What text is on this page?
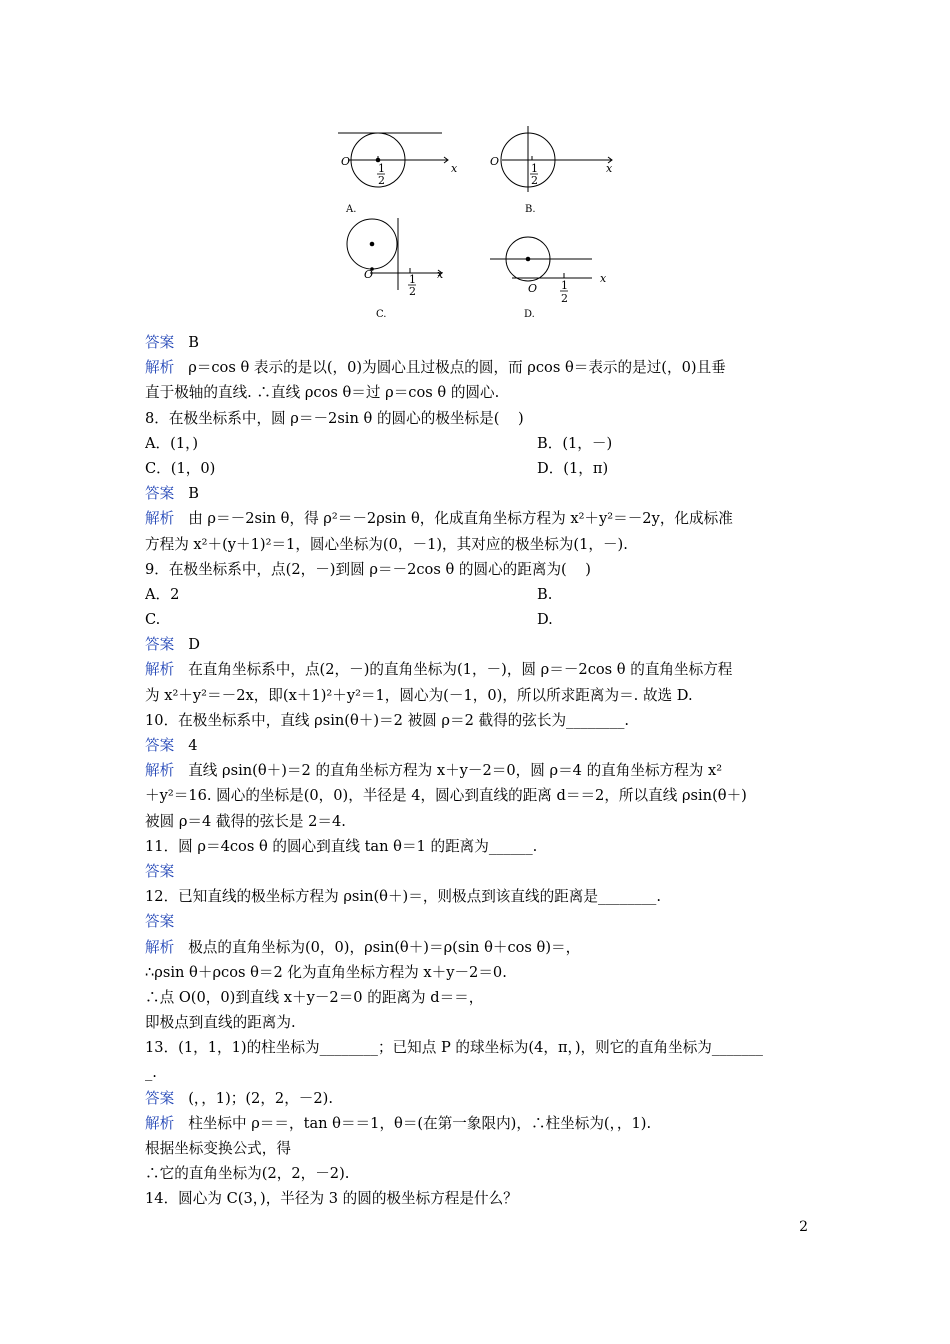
O
x
1
2
A.
O
x
1
2
B.
O	x
1
2
C.
O
x
1
2
D.
答案 B
解析 ρ＝cos θ 表示的是以(，0)为圆心且过极点的圆，而 ρcos θ＝表示的是过(，0)且垂
直于极轴的直线. ∴直线 ρcos θ＝过 ρ＝cos θ 的圆心.
8．在极坐标系中，圆 ρ＝－2sin θ 的圆心的极坐标是(    )
A．(1，)	B．(1，－)
C．(1，0)	D．(1，π)
答案 B
解析 由 ρ＝－2sin θ，得 ρ²＝－2ρsin θ，化成直角坐标方程为 x²＋y²＝－2y，化成标准
方程为 x²＋(y＋1)²＝1，圆心坐标为(0，－1)，其对应的极坐标为(1，－).
9．在极坐标系中，点(2，－)到圆 ρ＝－2cos θ 的圆心的距离为(    )
A．2	B.
C.	D.
答案 D
解析 在直角坐标系中，点(2，－)的直角坐标为(1，－)，圆 ρ＝－2cos θ 的直角坐标方程
为 x²＋y²＝－2x，即(x＋1)²＋y²＝1，圆心为(－1，0)，所以所求距离为＝. 故选 D.
10．在极坐标系中，直线 ρsin(θ＋)＝2 被圆 ρ＝2 截得的弦长为________.
答案 4
解析 直线 ρsin(θ＋)＝2 的直角坐标方程为 x＋y－2＝0，圆 ρ＝4 的直角坐标方程为 x²
＋y²＝16. 圆心的坐标是(0，0)，半径是 4，圆心到直线的距离 d＝＝2，所以直线 ρsin(θ＋)
被圆 ρ＝4 截得的弦长是 2＝4.
11．圆 ρ＝4cos θ 的圆心到直线 tan θ＝1 的距离为______.
答案
12．已知直线的极坐标方程为 ρsin(θ＋)＝，则极点到该直线的距离是________.
答案
解析 极点的直角坐标为(0，0)，ρsin(θ＋)＝ρ(sin θ＋cos θ)＝，
∴ρsin θ＋ρcos θ＝2 化为直角坐标方程为 x＋y－2＝0.
∴点 O(0，0)到直线 x＋y－2＝0 的距离为 d＝＝，
即极点到直线的距离为.
13．(1，1，1)的柱坐标为________；已知点 P 的球坐标为(4，π，)，则它的直角坐标为_______
_.
答案 (，，1)；(2，2，－2).
解析 柱坐标中 ρ＝＝，tan θ＝＝1，θ＝(在第一象限内)，∴柱坐标为(，，1).
根据坐标变换公式，得
∴它的直角坐标为(2，2，－2).
14．圆心为 C(3，)，半径为 3 的圆的极坐标方程是什么？
2
